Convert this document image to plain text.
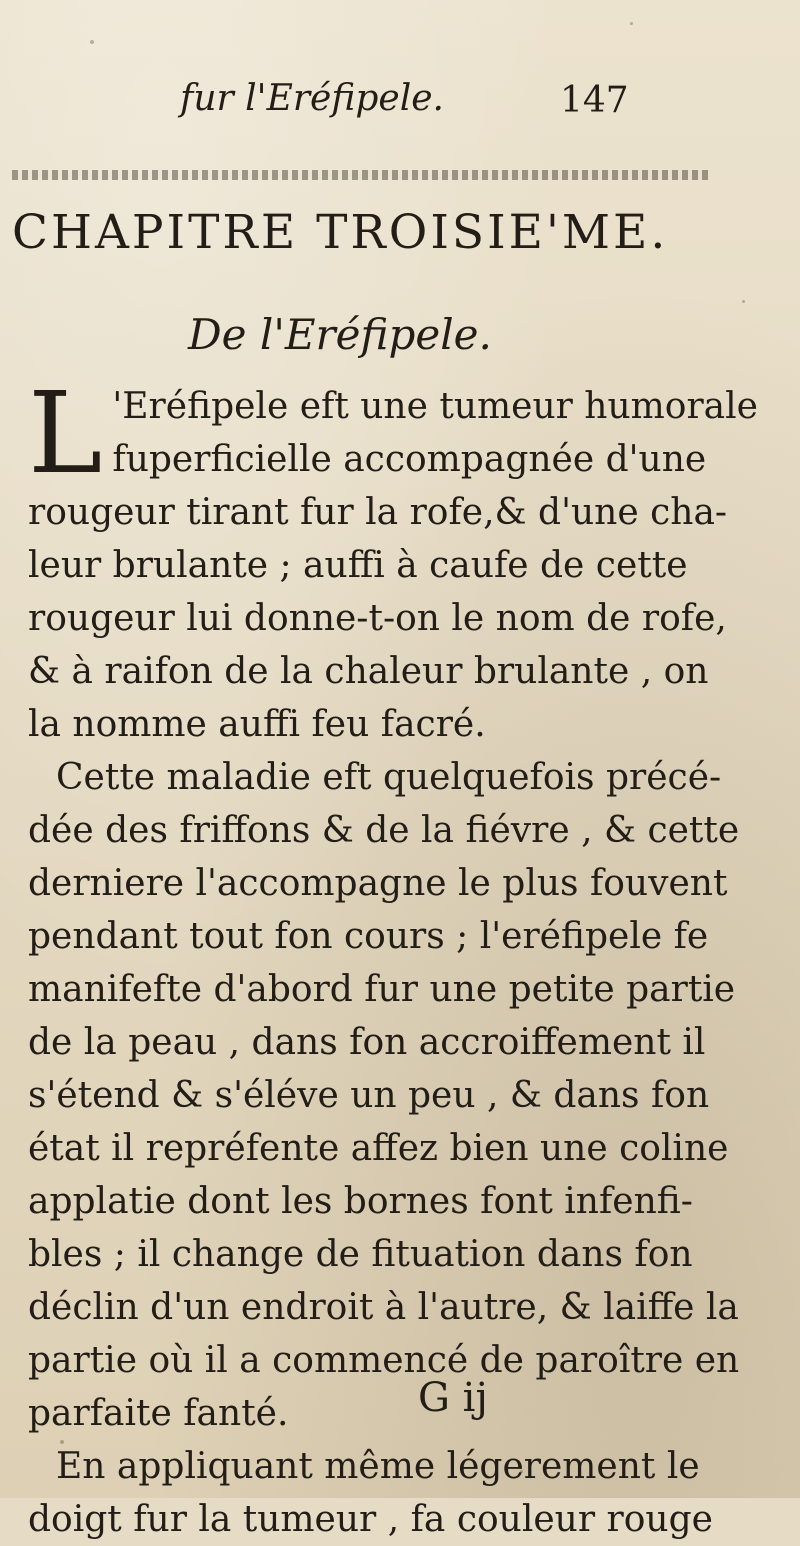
fur l'Eréfipele.	147
CHAPITRE TROISIE'ME.
De l'Eréfipele.
L 'Eréfipele eft une tumeur humorale
fuperficielle accompagnée d'une
rougeur tirant fur la rofe,& d'une cha-
leur brulante ; auffi à caufe de cette
rougeur lui donne-t-on le nom de rofe,
& à raifon de la chaleur brulante , on
la nomme auffi feu facré.
Cette maladie eft quelquefois précé-
dée des friffons & de la fiévre , & cette
derniere l'accompagne le plus fouvent
pendant tout fon cours ; l'eréfipele fe
manifefte d'abord fur une petite partie
de la peau , dans fon accroiffement il
s'étend & s'éléve un peu , & dans fon
état il repréfente affez bien une coline
applatie dont les bornes font infenfi-
bles ; il change de fituation dans fon
déclin d'un endroit à l'autre, & laiffe la
partie où il a commencé de paroître en
parfaite fanté.
En appliquant même légerement le
doigt fur la tumeur , fa couleur rouge
G ij
